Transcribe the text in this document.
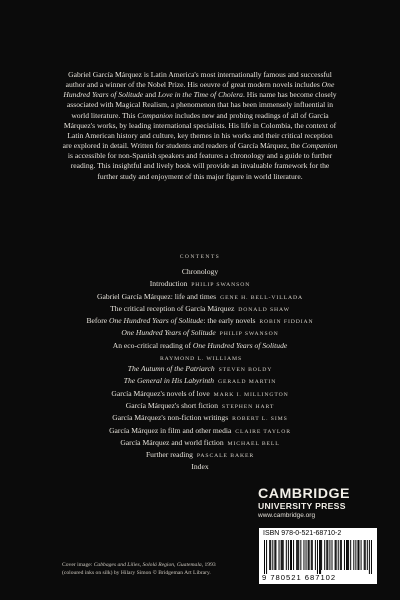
Gabriel García Márquez is Latin America's most internationally famous and successful author and a winner of the Nobel Prize. His oeuvre of great modern novels includes One Hundred Years of Solitude and Love in the Time of Cholera. His name has become closely associated with Magical Realism, a phenomenon that has been immensely influential in world literature. This Companion includes new and probing readings of all of García Márquez's works, by leading international specialists. His life in Colombia, the context of Latin American history and culture, key themes in his works and their critical reception are explored in detail. Written for students and readers of García Márquez, the Companion is accessible for non-Spanish speakers and features a chronology and a guide to further reading. This insightful and lively book will provide an invaluable framework for the further study and enjoyment of this major figure in world literature.
CONTENTS
Chronology
Introduction PHILIP SWANSON
Gabriel García Márquez: life and times GENE H. BELL-VILLADA
The critical reception of García Márquez DONALD SHAW
Before One Hundred Years of Solitude: the early novels ROBIN FIDDIAN
One Hundred Years of Solitude PHILIP SWANSON
An eco-critical reading of One Hundred Years of Solitude
RAYMOND L. WILLIAMS
The Autumn of the Patriarch STEVEN BOLDY
The General in His Labyrinth GERALD MARTIN
García Márquez's novels of love MARK I. MILLINGTON
García Márquez's short fiction STEPHEN HART
García Márquez's non-fiction writings ROBERT L. SIMS
García Márquez in film and other media CLAIRE TAYLOR
García Márquez and world fiction MICHAEL BELL
Further reading PASCALE BAKER
Index
CAMBRIDGE
UNIVERSITY PRESS
www.cambridge.org
ISBN 978-0-521-68710-2
9 780521 687102
Cover image: Cabbages and Lilies, Sololá Region, Guatemala, 1993
(coloured inks on silk) by Hilary Simon © Bridgeman Art Library.
